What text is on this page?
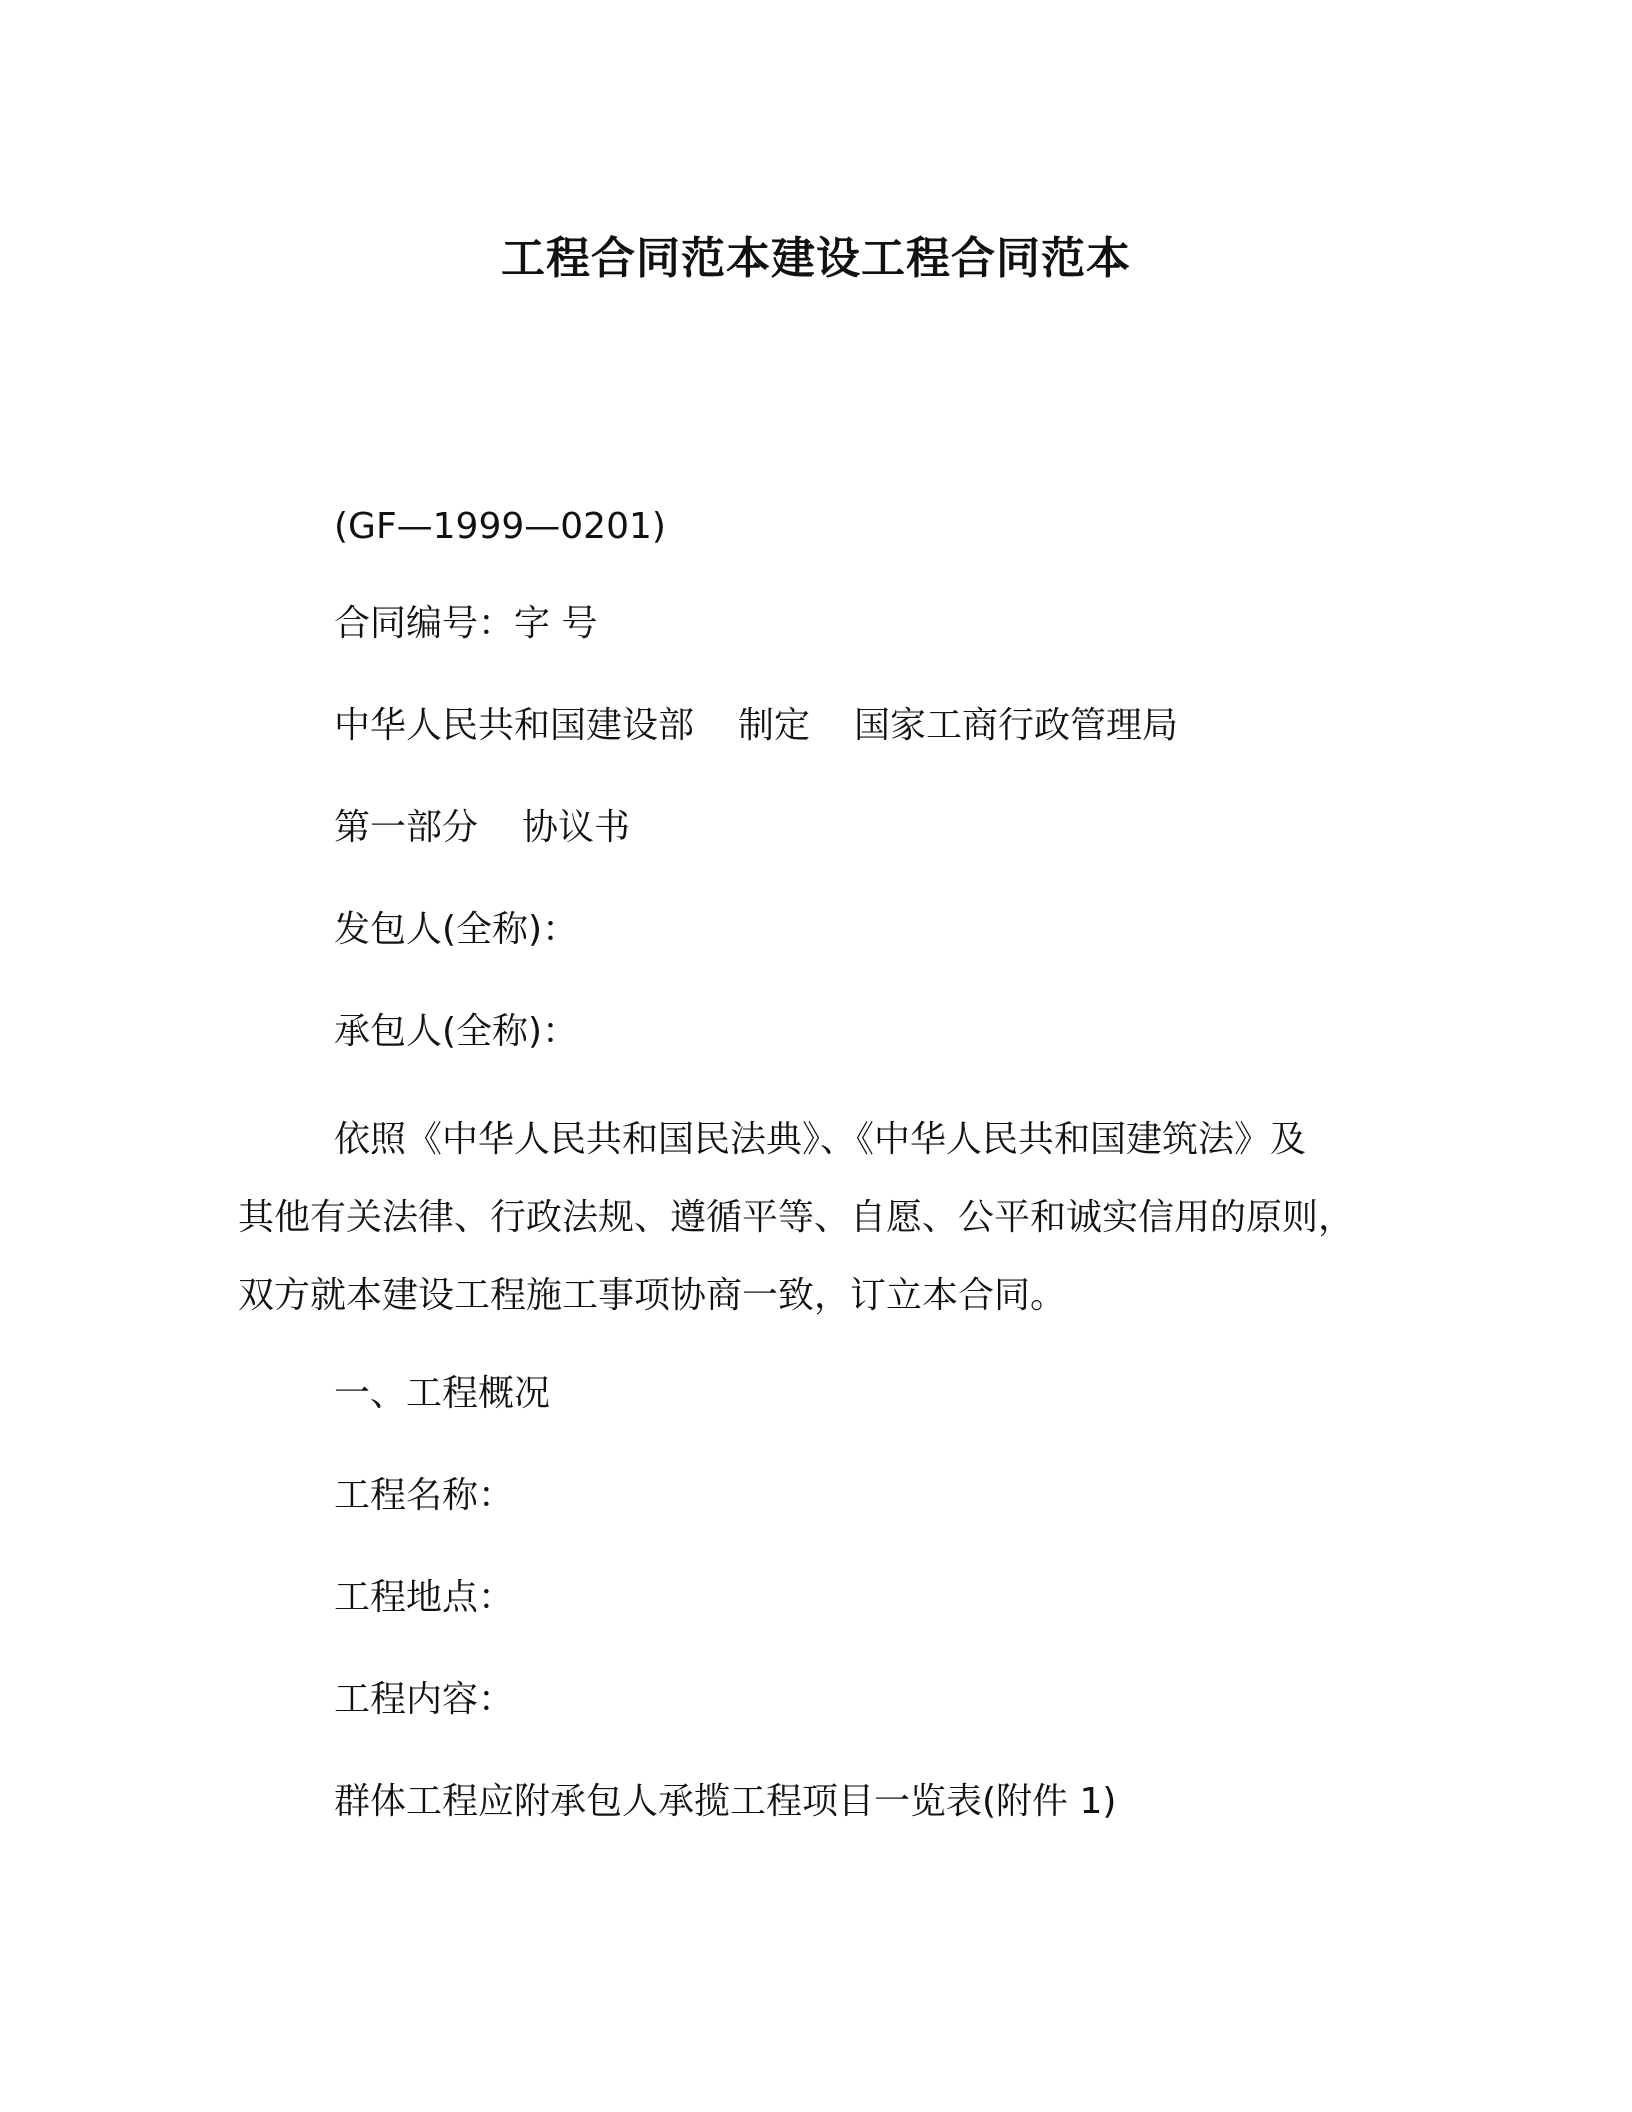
工程合同范本建设工程合同范本
(GF—1999—0201)
合同编号：字 号
中华人民共和国建设部 制定 国家工商行政管理局
第一部分 协议书
发包人(全称)：
承包人(全称)：
依照《中华人民共和国民法典》、《中华人民共和国建筑法》及
其他有关法律、行政法规、遵循平等、自愿、公平和诚实信用的原则，
双方就本建设工程施工事项协商一致，订立本合同。
一、工程概况
工程名称：
工程地点：
工程内容：
群体工程应附承包人承揽工程项目一览表(附件 1)
